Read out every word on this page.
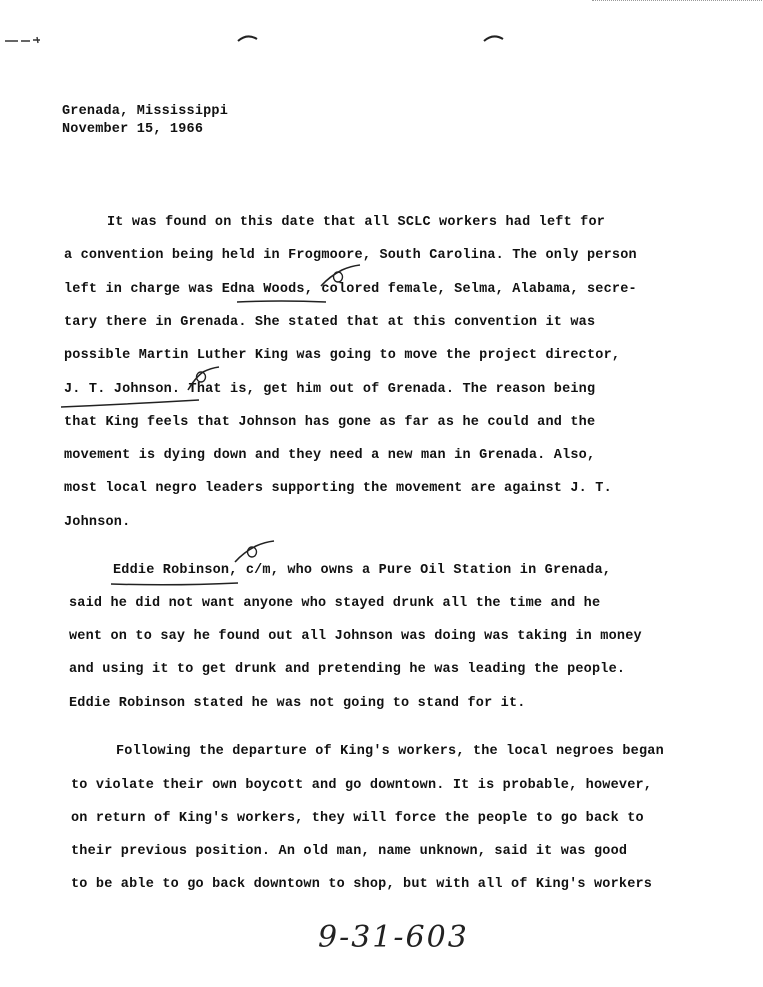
Grenada, Mississippi
November 15, 1966
It was found on this date that all SCLC workers had left for
a convention being held in Frogmoore, South Carolina. The only person
left in charge was Edna Woods, colored female, Selma, Alabama, secre-
tary there in Grenada. She stated that at this convention it was
possible Martin Luther King was going to move the project director,
J. T. Johnson. That is, get him out of Grenada. The reason being
that King feels that Johnson has gone as far as he could and the
movement is dying down and they need a new man in Grenada. Also,
most local negro leaders supporting the movement are against J. T.
Johnson.
Eddie Robinson, c/m, who owns a Pure Oil Station in Grenada,
said he did not want anyone who stayed drunk all the time and he
went on to say he found out all Johnson was doing was taking in money
and using it to get drunk and pretending he was leading the people.
Eddie Robinson stated he was not going to stand for it.
Following the departure of King's workers, the local negroes began
to violate their own boycott and go downtown. It is probable, however,
on return of King's workers, they will force the people to go back to
their previous position. An old man, name unknown, said it was good
to be able to go back downtown to shop, but with all of King's workers
9-31-603
